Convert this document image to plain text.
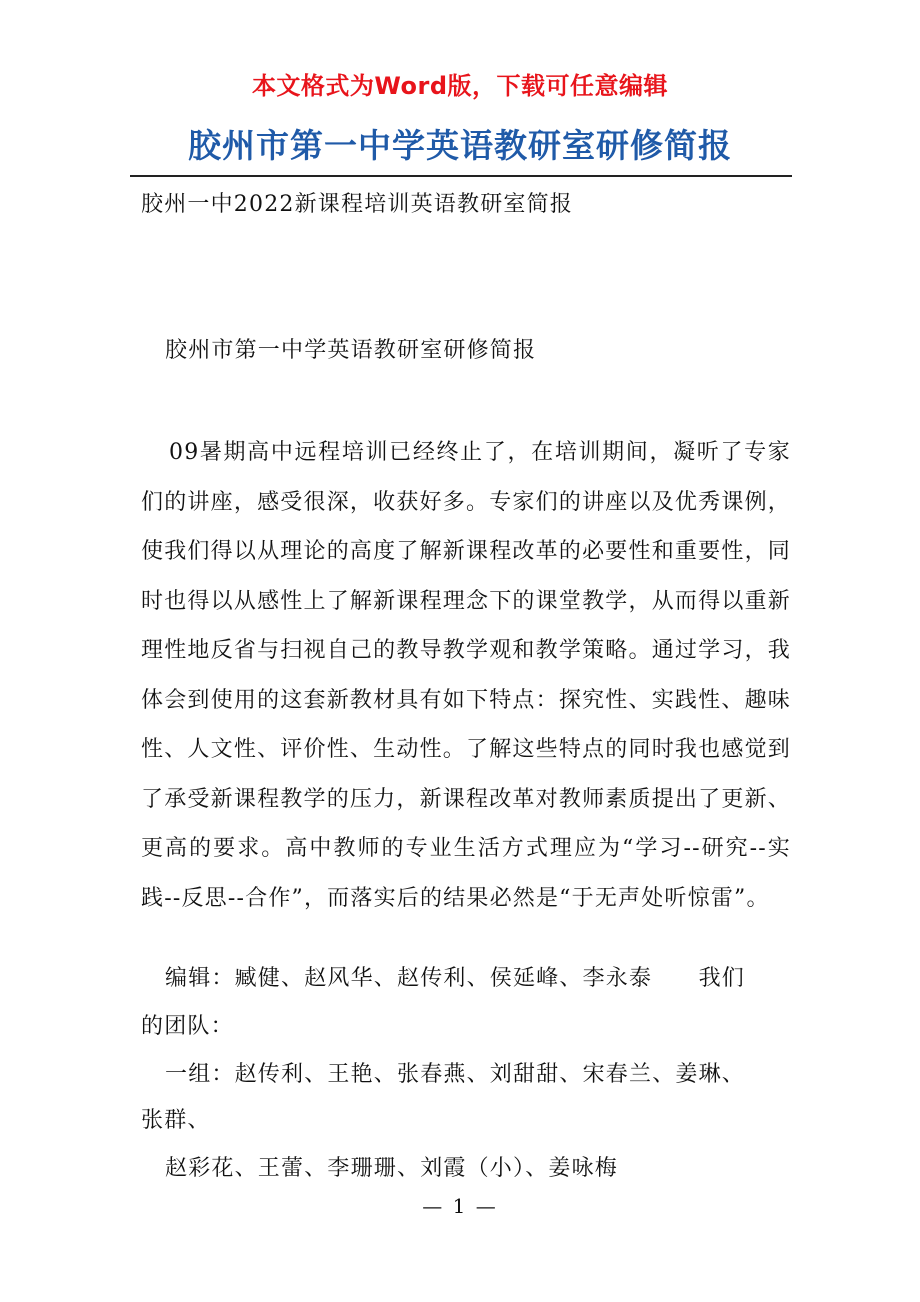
本文格式为Word版，下载可任意编辑
胶州市第一中学英语教研室研修简报
胶州一中2022新课程培训英语教研室简报
胶州市第一中学英语教研室研修简报
09暑期高中远程培训已经终止了，在培训期间，凝听了专家们的讲座，感受很深，收获好多。专家们的讲座以及优秀课例，使我们得以从理论的高度了解新课程改革的必要性和重要性，同时也得以从感性上了解新课程理念下的课堂教学，从而得以重新理性地反省与扫视自己的教导教学观和教学策略。通过学习，我体会到使用的这套新教材具有如下特点：探究性、实践性、趣味性、人文性、评价性、生动性。了解这些特点的同时我也感觉到了承受新课程教学的压力，新课程改革对教师素质提出了更新、更高的要求。高中教师的专业生活方式理应为“学习--研究--实践--反思--合作”，而落实后的结果必然是“于无声处听惊雷”。
编辑：臧健、赵风华、赵传利、侯延峰、李永泰　　我们
的团队：
一组：赵传利、王艳、张春燕、刘甜甜、宋春兰、姜琳、
张群、
赵彩花、王蕾、李珊珊、刘霞（小）、姜咏梅
— 1 —
